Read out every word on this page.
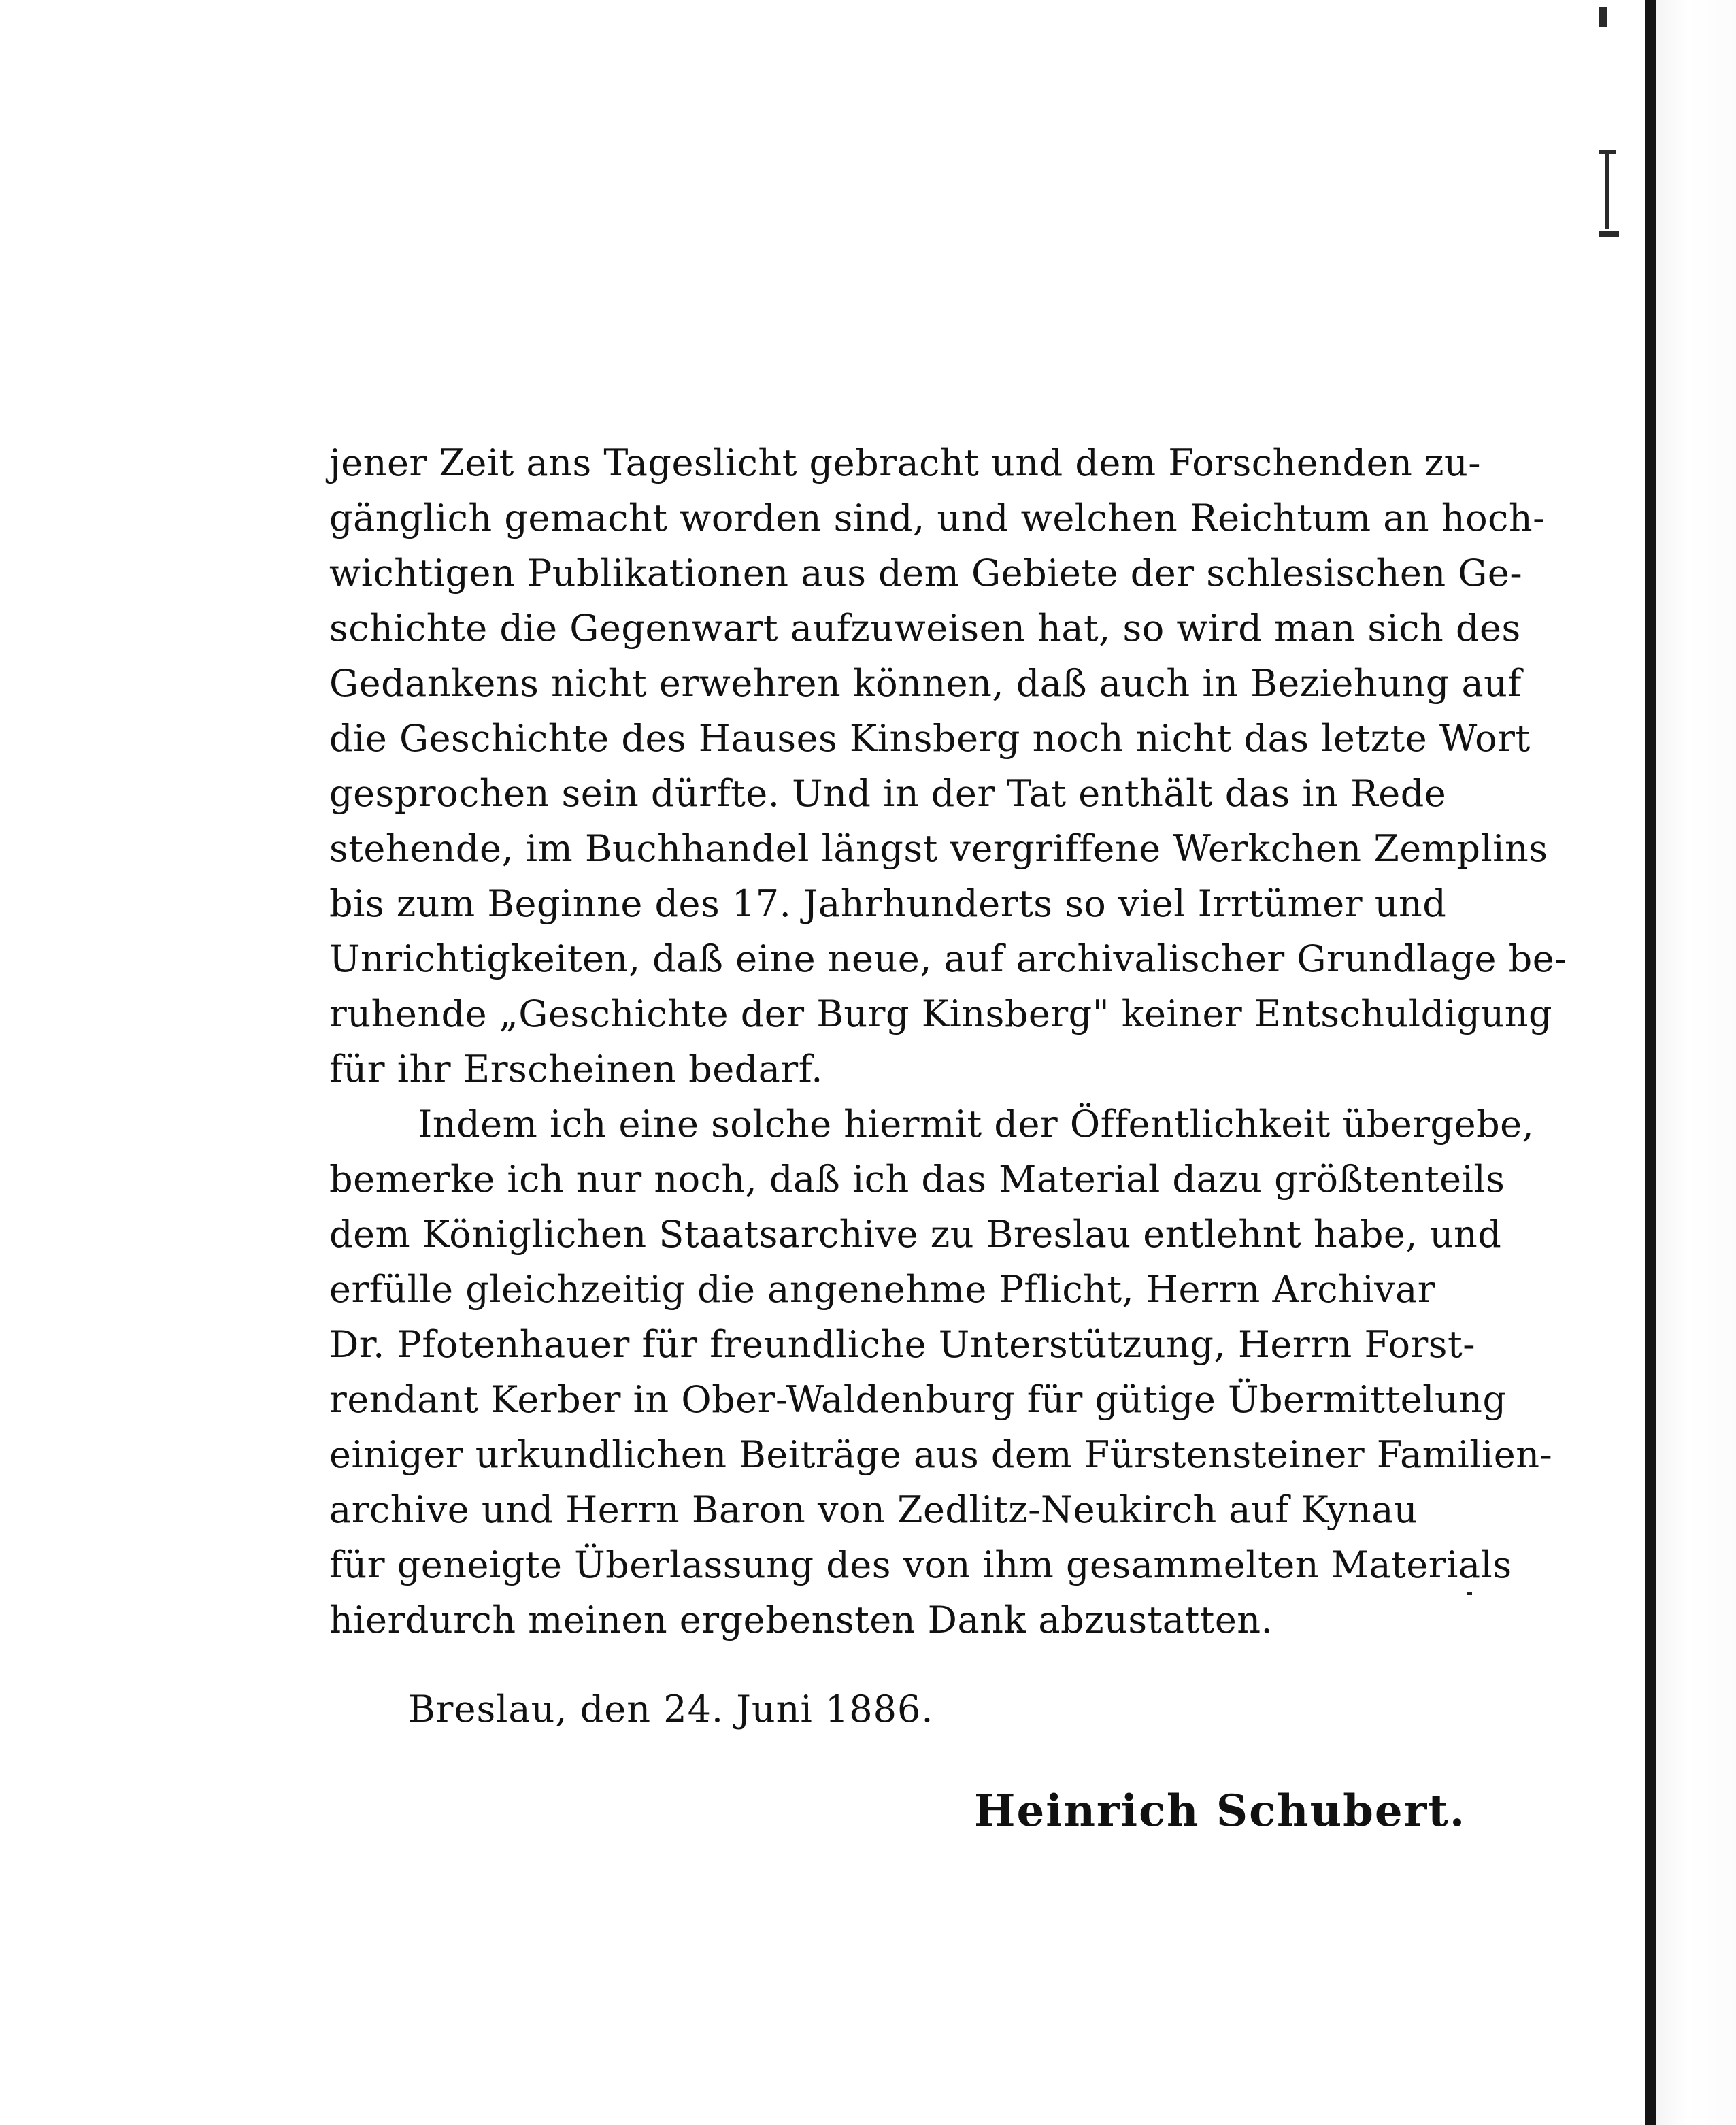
jener Zeit ans Tageslicht gebracht und dem Forschenden zu-
gänglich gemacht worden sind, und welchen Reichtum an hoch-
wichtigen Publikationen aus dem Gebiete der schlesischen Ge-
schichte die Gegenwart aufzuweisen hat, so wird man sich des
Gedankens nicht erwehren können, daß auch in Beziehung auf
die Geschichte des Hauses Kinsberg noch nicht das letzte Wort
gesprochen sein dürfte. Und in der Tat enthält das in Rede
stehende, im Buchhandel längst vergriffene Werkchen Zemplins
bis zum Beginne des 17. Jahrhunderts so viel Irrtümer und
Unrichtigkeiten, daß eine neue, auf archivalischer Grundlage be-
ruhende „Geschichte der Burg Kinsberg" keiner Entschuldigung
für ihr Erscheinen bedarf.
Indem ich eine solche hiermit der Öffentlichkeit übergebe,
bemerke ich nur noch, daß ich das Material dazu größtenteils
dem Königlichen Staatsarchive zu Breslau entlehnt habe, und
erfülle gleichzeitig die angenehme Pflicht, Herrn Archivar
Dr. Pfotenhauer für freundliche Unterstützung, Herrn Forst-
rendant Kerber in Ober-Waldenburg für gütige Übermittelung
einiger urkundlichen Beiträge aus dem Fürstensteiner Familien-
archive und Herrn Baron von Zedlitz-Neukirch auf Kynau
für geneigte Überlassung des von ihm gesammelten Materials
hierdurch meinen ergebensten Dank abzustatten.
Breslau, den 24. Juni 1886.
Heinrich Schubert.
